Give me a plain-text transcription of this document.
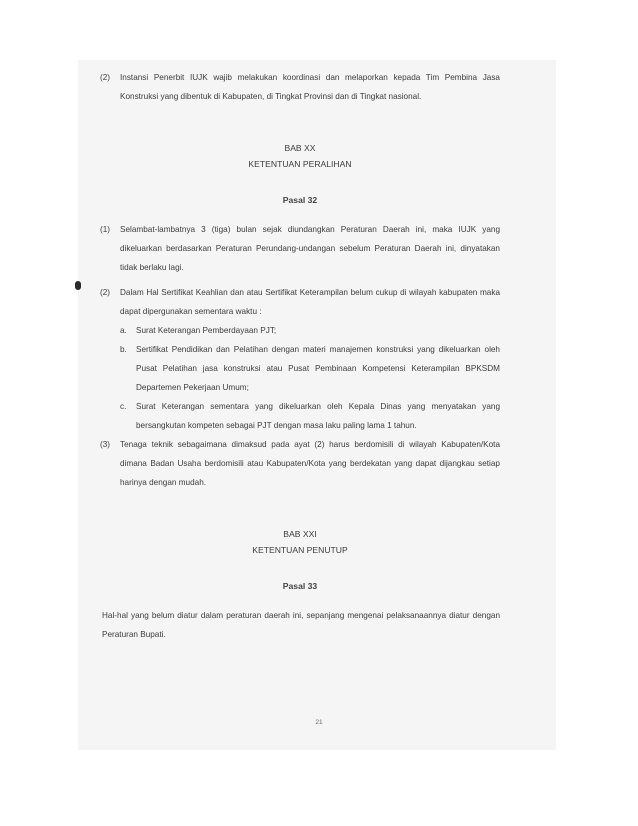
(2) Instansi Penerbit IUJK wajib melakukan koordinasi dan melaporkan kepada Tim Pembina Jasa Konstruksi yang dibentuk di Kabupaten, di Tingkat Provinsi dan di Tingkat nasional.
BAB XX
KETENTUAN PERALIHAN
Pasal 32
(1) Selambat-lambatnya 3 (tiga) bulan sejak diundangkan Peraturan Daerah ini, maka IUJK yang dikeluarkan berdasarkan Peraturan Perundang-undangan sebelum Peraturan Daerah ini, dinyatakan tidak berlaku lagi.
(2) Dalam Hal Sertifikat Keahlian dan atau Sertifikat Keterampilan belum cukup di wilayah kabupaten maka dapat dipergunakan sementara waktu :
a. Surat Keterangan Pemberdayaan PJT;
b. Sertifikat Pendidikan dan Pelatihan dengan materi manajemen konstruksi yang dikeluarkan oleh Pusat Pelatihan jasa konstruksi atau Pusat Pembinaan Kompetensi Keterampilan BPKSDM Departemen Pekerjaan Umum;
c. Surat Keterangan sementara yang dikeluarkan oleh Kepala Dinas yang menyatakan yang bersangkutan kompeten sebagai PJT dengan masa laku paling lama 1 tahun.
(3) Tenaga teknik sebagaimana dimaksud pada ayat (2) harus berdomisili di wilayah Kabupaten/Kota dimana Badan Usaha berdomisili atau Kabupaten/Kota yang berdekatan yang dapat dijangkau setiap harinya dengan mudah.
BAB XXI
KETENTUAN PENUTUP
Pasal 33
Hal-hal yang belum diatur dalam peraturan daerah ini, sepanjang mengenai pelaksanaannya diatur dengan Peraturan Bupati.
21
